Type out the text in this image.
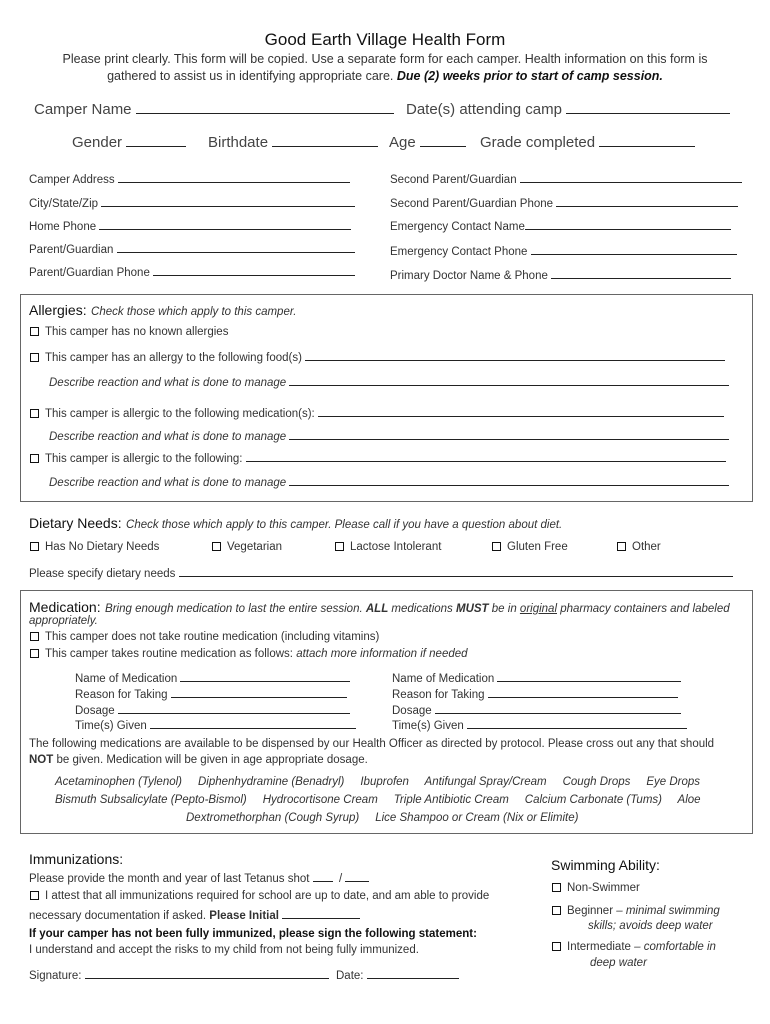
Good Earth Village Health Form
Please print clearly. This form will be copied. Use a separate form for each camper. Health information on this form is
gathered to assist us in identifying appropriate care. Due (2) weeks prior to start of camp session.
Camper Name	Date(s) attending camp
Gender	Birthdate	Age	Grade completed
Camper Address
City/State/Zip
Home Phone
Parent/Guardian
Parent/Guardian Phone
Second Parent/Guardian
Second Parent/Guardian Phone
Emergency Contact Name
Emergency Contact Phone
Primary Doctor Name & Phone
Allergies: Check those which apply to this camper.
This camper has no known allergies
This camper has an allergy to the following food(s)
Describe reaction and what is done to manage
This camper is allergic to the following medication(s):
Describe reaction and what is done to manage
This camper is allergic to the following:
Describe reaction and what is done to manage
Dietary Needs: Check those which apply to this camper. Please call if you have a question about diet.
Has No Dietary Needs	Vegetarian	Lactose Intolerant	Gluten Free	Other
Please specify dietary needs
Medication: Bring enough medication to last the entire session. ALL medications MUST be in original pharmacy containers and labeled
appropriately.
This camper does not take routine medication (including vitamins)
This camper takes routine medication as follows: attach more information if needed
Name of Medication
Reason for Taking
Dosage
Time(s) Given
Name of Medication
Reason for Taking
Dosage
Time(s) Given
The following medications are available to be dispensed by our Health Officer as directed by protocol. Please cross out any that should
NOT be given. Medication will be given in age appropriate dosage.
Acetaminophen (Tylenol) Diphenhydramine (Benadryl) Ibuprofen Antifungal Spray/Cream Cough Drops Eye Drops
Bismuth Subsalicylate (Pepto-Bismol) Hydrocortisone Cream Triple Antibiotic Cream Calcium Carbonate (Tums) Aloe
Dextromethorphan (Cough Syrup) Lice Shampoo or Cream (Nix or Elimite)
Immunizations:
Please provide the month and year of last Tetanus shot   /
I attest that all immunizations required for school are up to date, and am able to provide
necessary documentation if asked. Please Initial
If your camper has not been fully immunized, please sign the following statement:
I understand and accept the risks to my child from not being fully immunized.
Signature:	Date:
Swimming Ability:
Non-Swimmer
Beginner – minimal swimming
skills; avoids deep water
Intermediate – comfortable in
deep water
